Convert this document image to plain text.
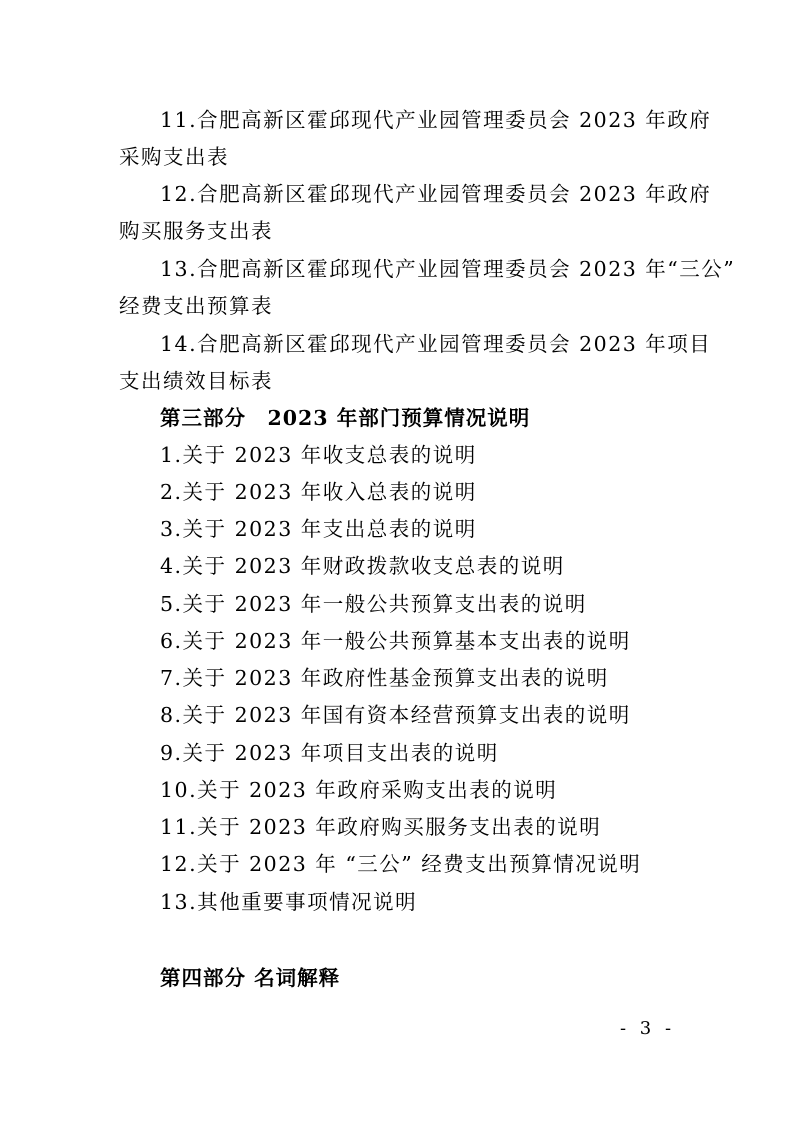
11.合肥高新区霍邱现代产业园管理委员会 2023 年政府
采购支出表
12.合肥高新区霍邱现代产业园管理委员会 2023 年政府
购买服务支出表
13.合肥高新区霍邱现代产业园管理委员会 2023 年“三公”
经费支出预算表
14.合肥高新区霍邱现代产业园管理委员会 2023 年项目
支出绩效目标表
第三部分　2023 年部门预算情况说明
1.关于 2023 年收支总表的说明
2.关于 2023 年收入总表的说明
3.关于 2023 年支出总表的说明
4.关于 2023 年财政拨款收支总表的说明
5.关于 2023 年一般公共预算支出表的说明
6.关于 2023 年一般公共预算基本支出表的说明
7.关于 2023 年政府性基金预算支出表的说明
8.关于 2023 年国有资本经营预算支出表的说明
9.关于 2023 年项目支出表的说明
10.关于 2023 年政府采购支出表的说明
11.关于 2023 年政府购买服务支出表的说明
12.关于 2023 年 “三公” 经费支出预算情况说明
13.其他重要事项情况说明
第四部分 名词解释
- 3 -
